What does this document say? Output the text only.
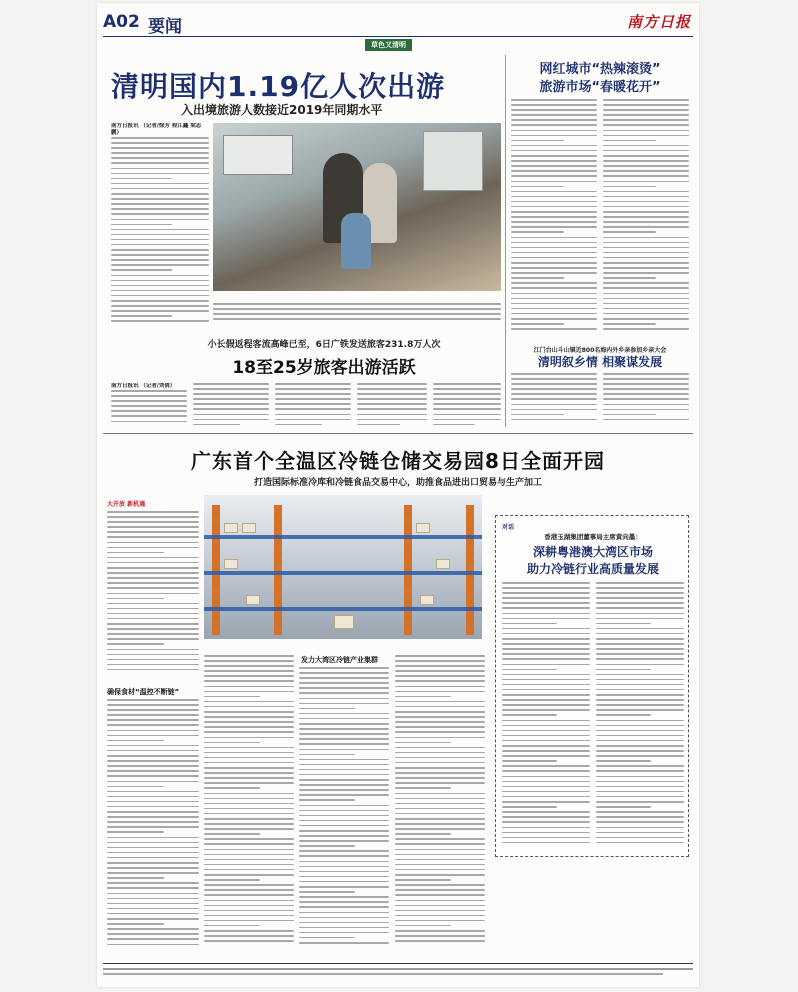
A02 要闻	南方日报
草色又清明
清明国内1.19亿人次出游
入出境旅游人数接近2019年同期水平
南方日报讯 （记者/徐芳 程江鑫 梁志鹏）
网红城市“热辣滚烫”
旅游市场“春暖花开”
小长假返程客流高峰已至，6日广铁发送旅客231.8万人次
18至25岁旅客出游活跃
南方日报讯 （记者/刘倩）
江门台山斗山镇近800名海内外乡亲参加乡亲大会
清明叙乡情 相聚谋发展
广东首个全温区冷链仓储交易园8日全面开园
打造国际标准冷库和冷链食品交易中心，助推食品进出口贸易与生产加工
大开放 新机遇
确保食材“温控不断链”
发力大湾区冷链产业集群
对话
香港玉湖集团董事局主席黄向墨：
深耕粤港澳大湾区市场
助力冷链行业高质量发展
